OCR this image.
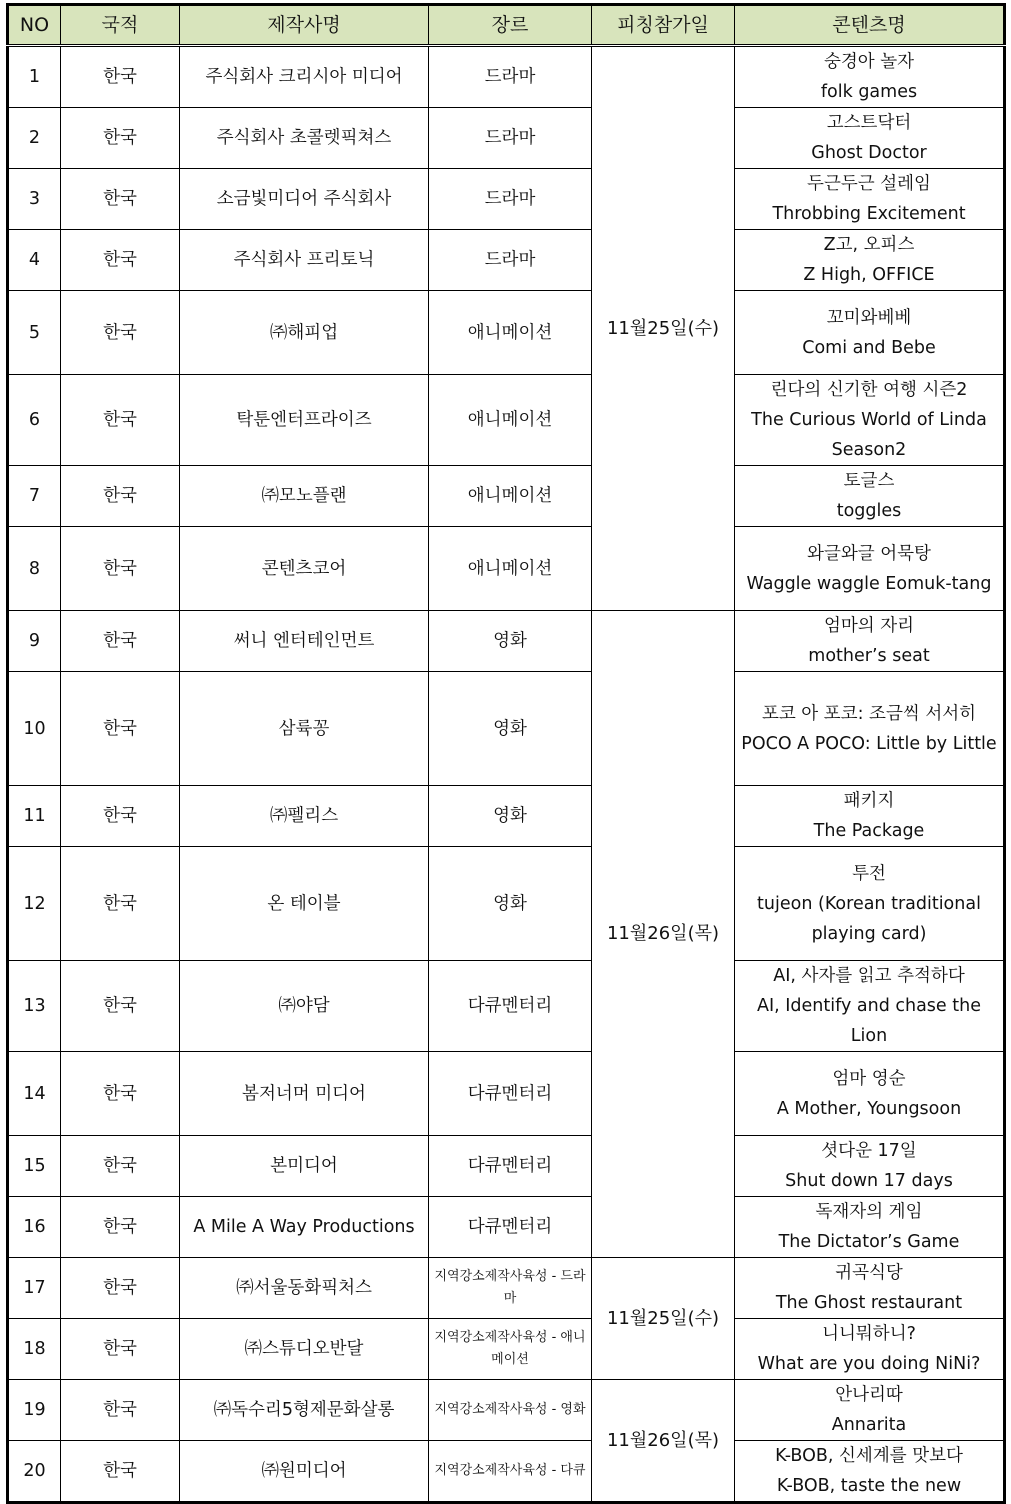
NO	국적	제작사명	장르	피칭참가일	콘텐츠명
1	한국	주식회사 크리시아 미디어	드라마	11월25일(수)	숭경아 놀자
folk games

2	한국	주식회사 초콜렛픽쳐스	드라마		고스트닥터
Ghost Doctor

3	한국	소금빛미디어 주식회사	드라마		두근두근 설레임
Throbbing Excitement

4	한국	주식회사 프리토닉	드라마		Z고, 오피스
Z High, OFFICE

5	한국	㈜해피업	애니메이션		꼬미와베베
Comi and Bebe

6	한국	탁툰엔터프라이즈	애니메이션		린다의 신기한 여행 시즌2
The Curious World of Linda Season2

7	한국	㈜모노플랜	애니메이션		토글스
toggles

8	한국	콘텐츠코어	애니메이션		와글와글 어묵탕
Waggle waggle Eomuk-tang

9	한국	써니 엔터테인먼트	영화	11월26일(목)	엄마의 자리
mother’s seat

10	한국	삼륙꽁	영화		포코 아 포코: 조금씩 서서히
POCO A POCO: Little by Little

11	한국	㈜펠리스	영화		패키지
The Package

12	한국	온 테이블	영화		투전
tujeon (Korean traditional playing card)

13	한국	㈜야담	다큐멘터리		AI, 사자를 읽고 추적하다
AI, Identify and chase the Lion

14	한국	봄저너머 미디어	다큐멘터리		엄마 영순
A Mother, Youngsoon

15	한국	본미디어	다큐멘터리		셧다운 17일
Shut down 17 days

16	한국	A Mile A Way Productions	다큐멘터리		독재자의 게임
The Dictator’s Game

17	한국	㈜서울동화픽처스	지역강소제작사육성 - 드라마	11월25일(수)	귀곡식당
The Ghost restaurant

18	한국	㈜스튜디오반달	지역강소제작사육성 - 애니메이션		니니뭐하니?
What are you doing NiNi?

19	한국	㈜독수리5형제문화살롱	지역강소제작사육성 - 영화	11월26일(목)	안나리따
Annarita

20	한국	㈜원미디어	지역강소제작사육성 - 다큐		K-BOB, 신세계를 맛보다
K-BOB, taste the new
